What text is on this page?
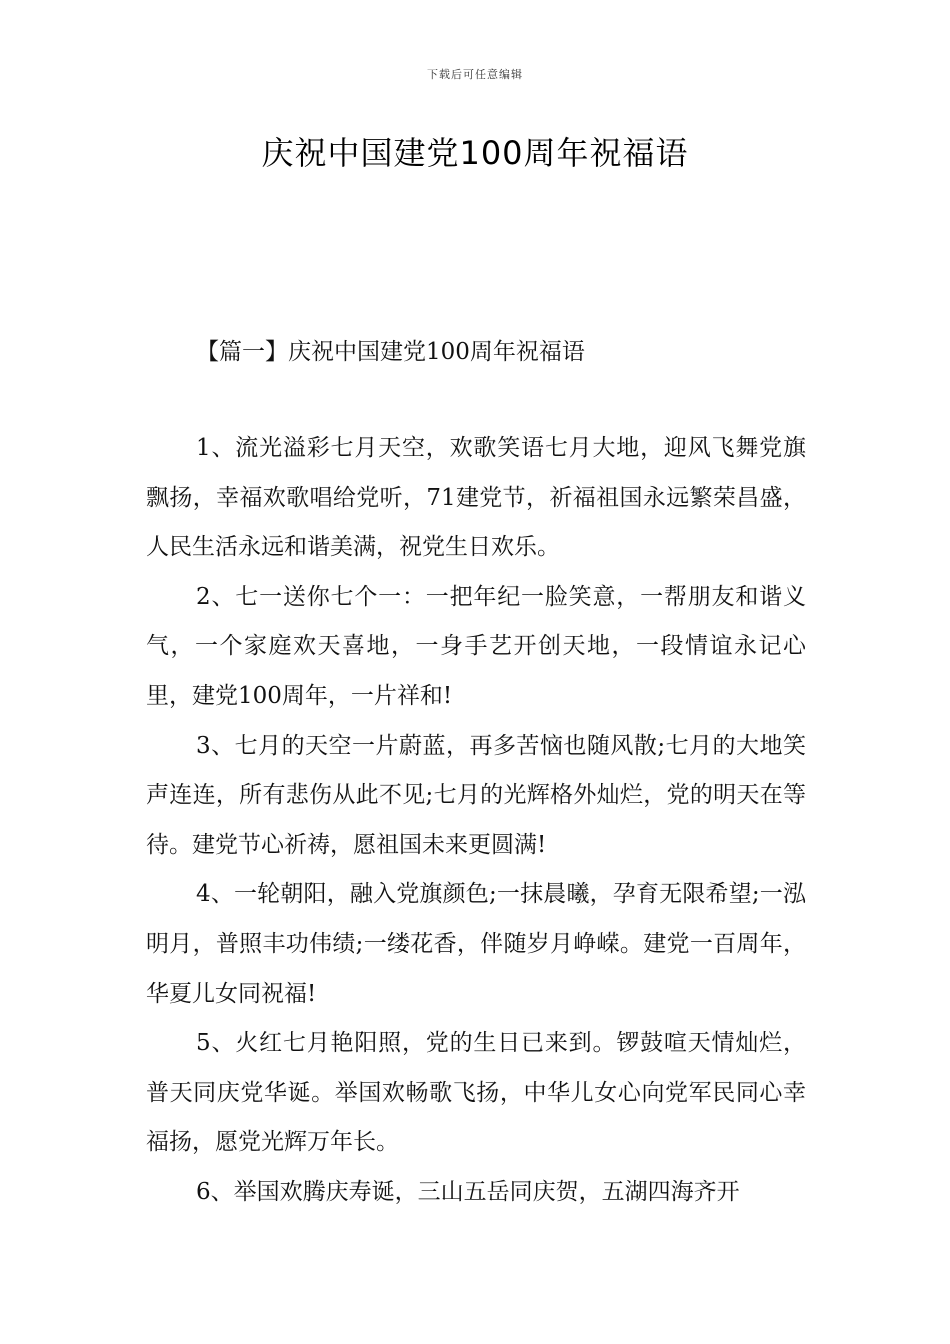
下载后可任意编辑
庆祝中国建党100周年祝福语
【篇一】庆祝中国建党100周年祝福语

1、流光溢彩七月天空，欢歌笑语七月大地，迎风飞舞党旗飘扬，幸福欢歌唱给党听，71建党节，祈福祖国永远繁荣昌盛，人民生活永远和谐美满，祝党生日欢乐。

2、七一送你七个一：一把年纪一脸笑意，一帮朋友和谐义气，一个家庭欢天喜地，一身手艺开创天地，一段情谊永记心里，建党100周年，一片祥和!

3、七月的天空一片蔚蓝，再多苦恼也随风散;七月的大地笑声连连，所有悲伤从此不见;七月的光辉格外灿烂，党的明天在等待。建党节心祈祷，愿祖国未来更圆满!

4、一轮朝阳，融入党旗颜色;一抹晨曦，孕育无限希望;一泓明月，普照丰功伟绩;一缕花香，伴随岁月峥嵘。建党一百周年，华夏儿女同祝福!

5、火红七月艳阳照，党的生日已来到。锣鼓喧天情灿烂，普天同庆党华诞。举国欢畅歌飞扬，中华儿女心向党军民同心幸福扬，愿党光辉万年长。

6、举国欢腾庆寿诞，三山五岳同庆贺，五湖四海齐开
